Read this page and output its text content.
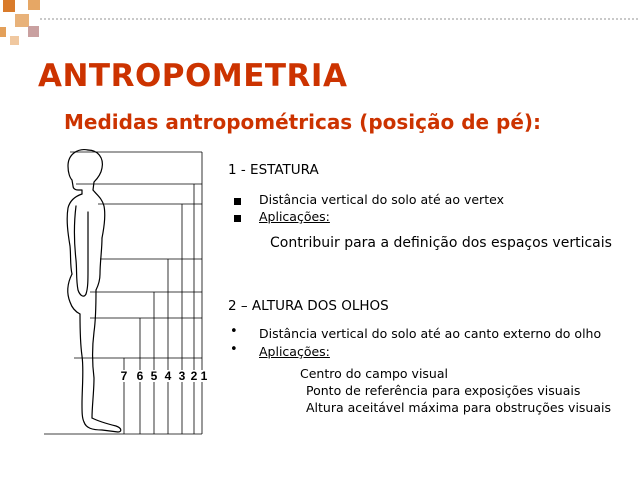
ANTROPOMETRIA
Medidas antropométricas (posição de pé):
7 6 5 4 3 2 1
1 - ESTATURA
Distância vertical do solo até ao vertex
Aplicações:
Contribuir para a definição dos espaços verticais
2 – ALTURA DOS OLHOS
• Distância vertical do solo até ao canto externo do olho
• Aplicações:
Centro do campo visual
Ponto de referência para exposições visuais
Altura aceitável máxima para obstruções visuais
